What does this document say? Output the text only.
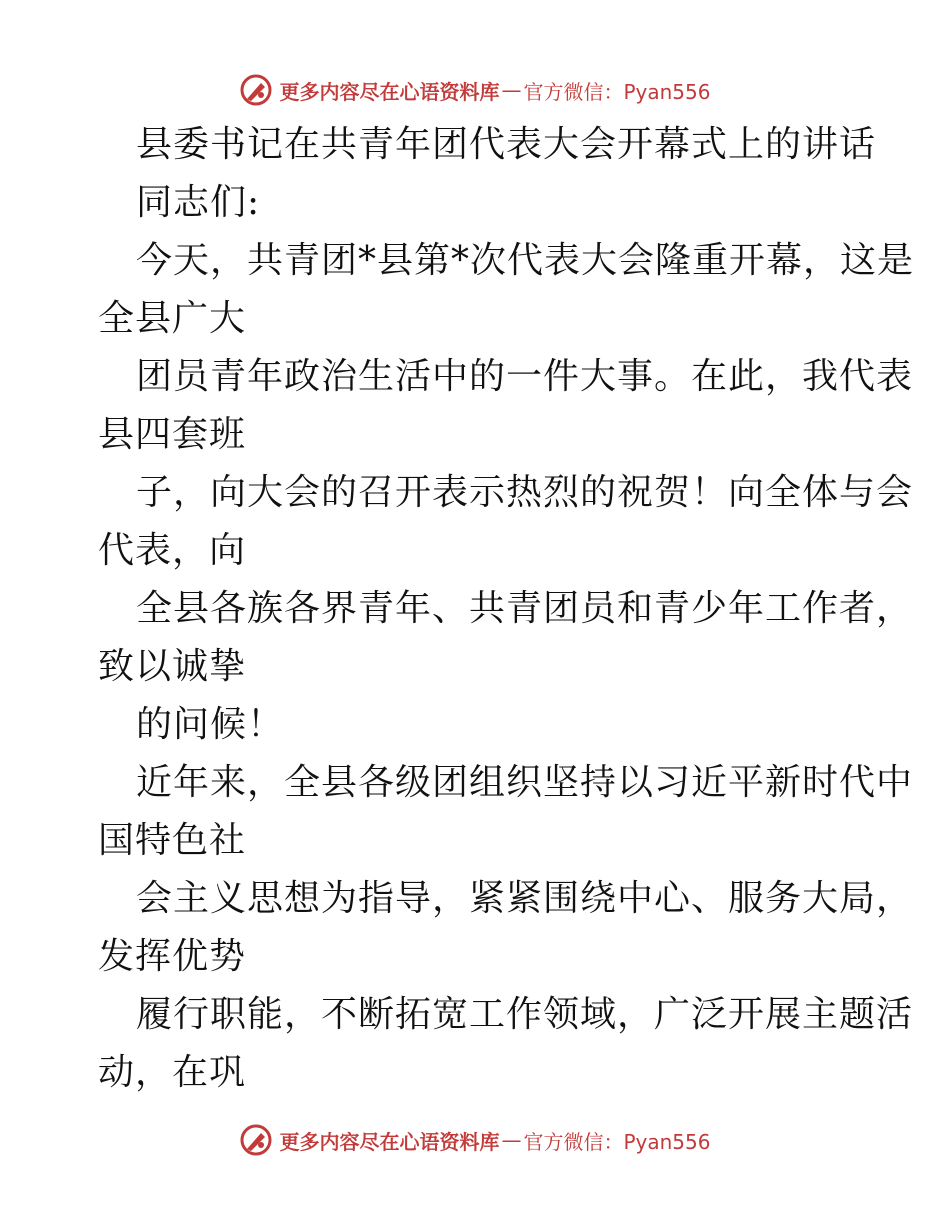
更多内容尽在心语资料库 — 官方微信：Pyan556
县委书记在共青年团代表大会开幕式上的讲话
同志们:
今天，共青团*县第*次代表大会隆重开幕，这是
全县广大
团员青年政治生活中的一件大事。在此，我代表
县四套班
子，向大会的召开表示热烈的祝贺！向全体与会
代表，向
全县各族各界青年、共青团员和青少年工作者，
致以诚挚
的问候！
近年来，全县各级团组织坚持以习近平新时代中
国特色社
会主义思想为指导，紧紧围绕中心、服务大局，
发挥优势
履行职能，不断拓宽工作领域，广泛开展主题活
动，在巩
更多内容尽在心语资料库 — 官方微信：Pyan556
